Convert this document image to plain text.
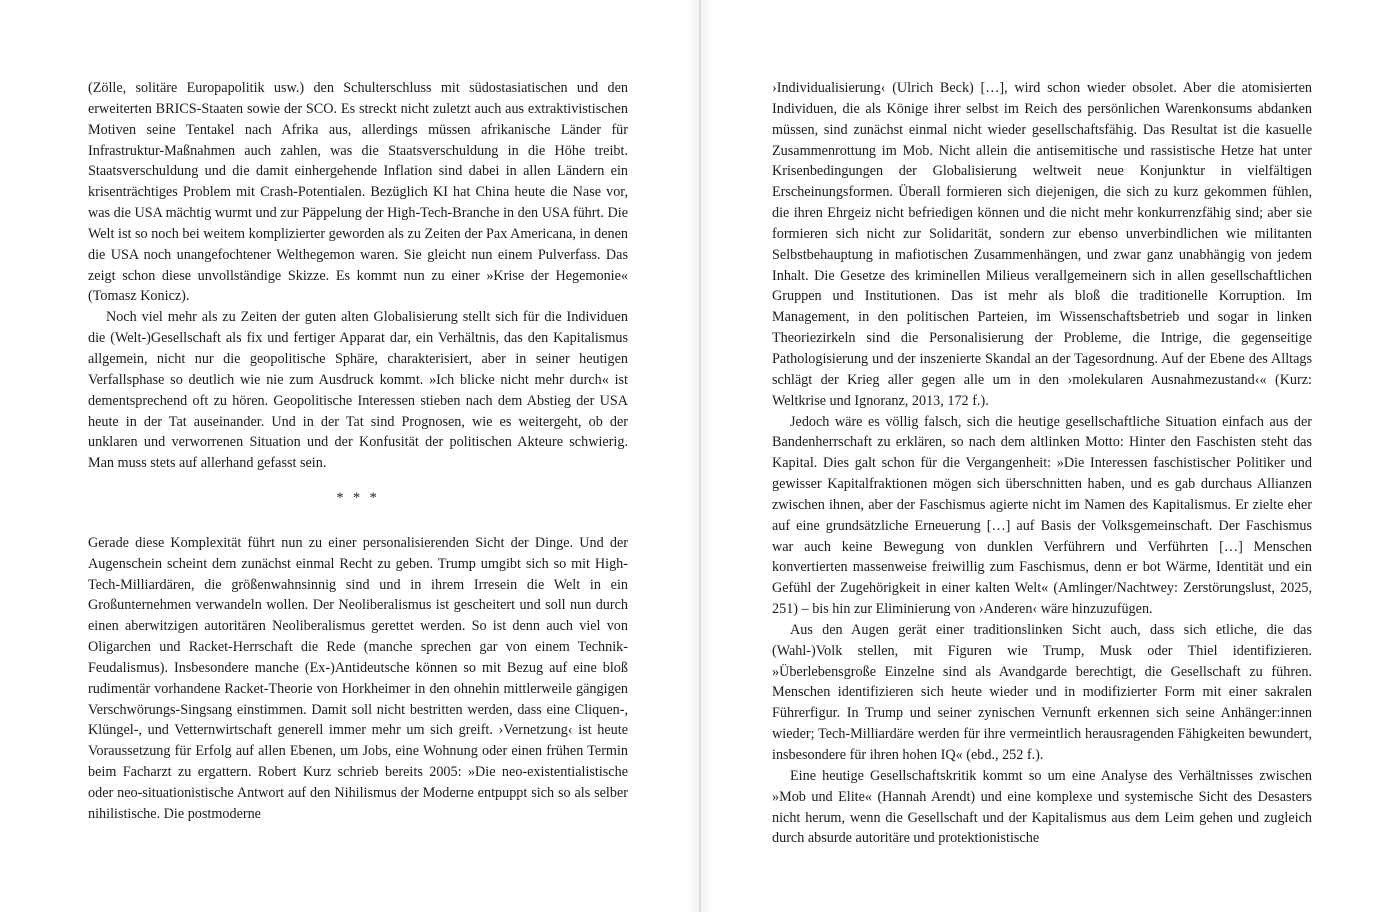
(Zölle, solitäre Europapolitik usw.) den Schulterschluss mit südostasiatischen und den erweiterten BRICS-Staaten sowie der SCO. Es streckt nicht zuletzt auch aus extraktivistischen Motiven seine Tentakel nach Afrika aus, allerdings müssen afrikanische Länder für Infrastruktur-Maßnahmen auch zahlen, was die Staatsverschuldung in die Höhe treibt. Staatsverschuldung und die damit einhergehende Inflation sind dabei in allen Ländern ein krisenträchtiges Problem mit Crash-Potentialen. Bezüglich KI hat China heute die Nase vor, was die USA mächtig wurmt und zur Päppelung der High-Tech-Branche in den USA führt. Die Welt ist so noch bei weitem komplizierter geworden als zu Zeiten der Pax Americana, in denen die USA noch unangefochtener Welthegemon waren. Sie gleicht nun einem Pulverfass. Das zeigt schon diese unvollständige Skizze. Es kommt nun zu einer »Krise der Hegemonie« (Tomasz Konicz).

Noch viel mehr als zu Zeiten der guten alten Globalisierung stellt sich für die Individuen die (Welt-)Gesellschaft als fix und fertiger Apparat dar, ein Verhältnis, das den Kapitalismus allgemein, nicht nur die geopolitische Sphäre, charakterisiert, aber in seiner heutigen Verfallsphase so deutlich wie nie zum Ausdruck kommt. »Ich blicke nicht mehr durch« ist dementsprechend oft zu hören. Geopolitische Interessen stieben nach dem Abstieg der USA heute in der Tat auseinander. Und in der Tat sind Prognosen, wie es weitergeht, ob der unklaren und verworrenen Situation und der Konfusität der politischen Akteure schwierig. Man muss stets auf allerhand gefasst sein.

* * *

Gerade diese Komplexität führt nun zu einer personalisierenden Sicht der Dinge. Und der Augenschein scheint dem zunächst einmal Recht zu geben. Trump umgibt sich so mit High-Tech-Milliardären, die größenwahnsinnig sind und in ihrem Irresein die Welt in ein Großunternehmen verwandeln wollen. Der Neoliberalismus ist gescheitert und soll nun durch einen aberwitzigen autoritären Neoliberalismus gerettet werden. So ist denn auch viel von Oligarchen und Racket-Herrschaft die Rede (manche sprechen gar von einem Technik-Feudalismus). Insbesondere manche (Ex-)Antideutsche können so mit Bezug auf eine bloß rudimentär vorhandene Racket-Theorie von Horkheimer in den ohnehin mittlerweile gängigen Verschwörungs-Singsang einstimmen. Damit soll nicht bestritten werden, dass eine Cliquen-, Klüngel-, und Vetternwirtschaft generell immer mehr um sich greift. ›Vernetzung‹ ist heute Voraussetzung für Erfolg auf allen Ebenen, um Jobs, eine Wohnung oder einen frühen Termin beim Facharzt zu ergattern. Robert Kurz schrieb bereits 2005: »Die neo-existentialistische oder neo-situationistische Antwort auf den Nihilismus der Moderne entpuppt sich so als selber nihilistische. Die postmoderne

›Individualisierung‹ (Ulrich Beck) […], wird schon wieder obsolet. Aber die atomisierten Individuen, die als Könige ihrer selbst im Reich des persönlichen Warenkonsums abdanken müssen, sind zunächst einmal nicht wieder gesellschaftsfähig. Das Resultat ist die kasuelle Zusammenrottung im Mob. Nicht allein die antisemitische und rassistische Hetze hat unter Krisenbedingungen der Globalisierung weltweit neue Konjunktur in vielfältigen Erscheinungsformen. Überall formieren sich diejenigen, die sich zu kurz gekommen fühlen, die ihren Ehrgeiz nicht befriedigen können und die nicht mehr konkurrenzfähig sind; aber sie formieren sich nicht zur Solidarität, sondern zur ebenso unverbindlichen wie militanten Selbstbehauptung in mafiotischen Zusammenhängen, und zwar ganz unabhängig von jedem Inhalt. Die Gesetze des kriminellen Milieus verallgemeinern sich in allen gesellschaftlichen Gruppen und Institutionen. Das ist mehr als bloß die traditionelle Korruption. Im Management, in den politischen Parteien, im Wissenschaftsbetrieb und sogar in linken Theoriezirkeln sind die Personalisierung der Probleme, die Intrige, die gegenseitige Pathologisierung und der inszenierte Skandal an der Tagesordnung. Auf der Ebene des Alltags schlägt der Krieg aller gegen alle um in den ›molekularen Ausnahmezustand‹« (Kurz: Weltkrise und Ignoranz, 2013, 172 f.).

Jedoch wäre es völlig falsch, sich die heutige gesellschaftliche Situation einfach aus der Bandenherrschaft zu erklären, so nach dem altlinken Motto: Hinter den Faschisten steht das Kapital. Dies galt schon für die Vergangenheit: »Die Interessen faschistischer Politiker und gewisser Kapitalfraktionen mögen sich überschnitten haben, und es gab durchaus Allianzen zwischen ihnen, aber der Faschismus agierte nicht im Namen des Kapitalismus. Er zielte eher auf eine grundsätzliche Erneuerung […] auf Basis der Volksgemeinschaft. Der Faschismus war auch keine Bewegung von dunklen Verführern und Verführten […] Menschen konvertierten massenweise freiwillig zum Faschismus, denn er bot Wärme, Identität und ein Gefühl der Zugehörigkeit in einer kalten Welt« (Amlinger/Nachtwey: Zerstörungslust, 2025, 251) – bis hin zur Eliminierung von ›Anderen‹ wäre hinzuzufügen.

Aus den Augen gerät einer traditionslinken Sicht auch, dass sich etliche, die das (Wahl-)Volk stellen, mit Figuren wie Trump, Musk oder Thiel identifizieren. »Überlebensgroße Einzelne sind als Avandgarde berechtigt, die Gesellschaft zu führen. Menschen identifizieren sich heute wieder und in modifizierter Form mit einer sakralen Führerfigur. In Trump und seiner zynischen Vernunft erkennen sich seine Anhänger:innen wieder; Tech-Milliardäre werden für ihre vermeintlich herausragenden Fähigkeiten bewundert, insbesondere für ihren hohen IQ« (ebd., 252 f.).

Eine heutige Gesellschaftskritik kommt so um eine Analyse des Verhältnisses zwischen »Mob und Elite« (Hannah Arendt) und eine komplexe und systemische Sicht des Desasters nicht herum, wenn die Gesellschaft und der Kapitalismus aus dem Leim gehen und zugleich durch absurde autoritäre und protektionistische
